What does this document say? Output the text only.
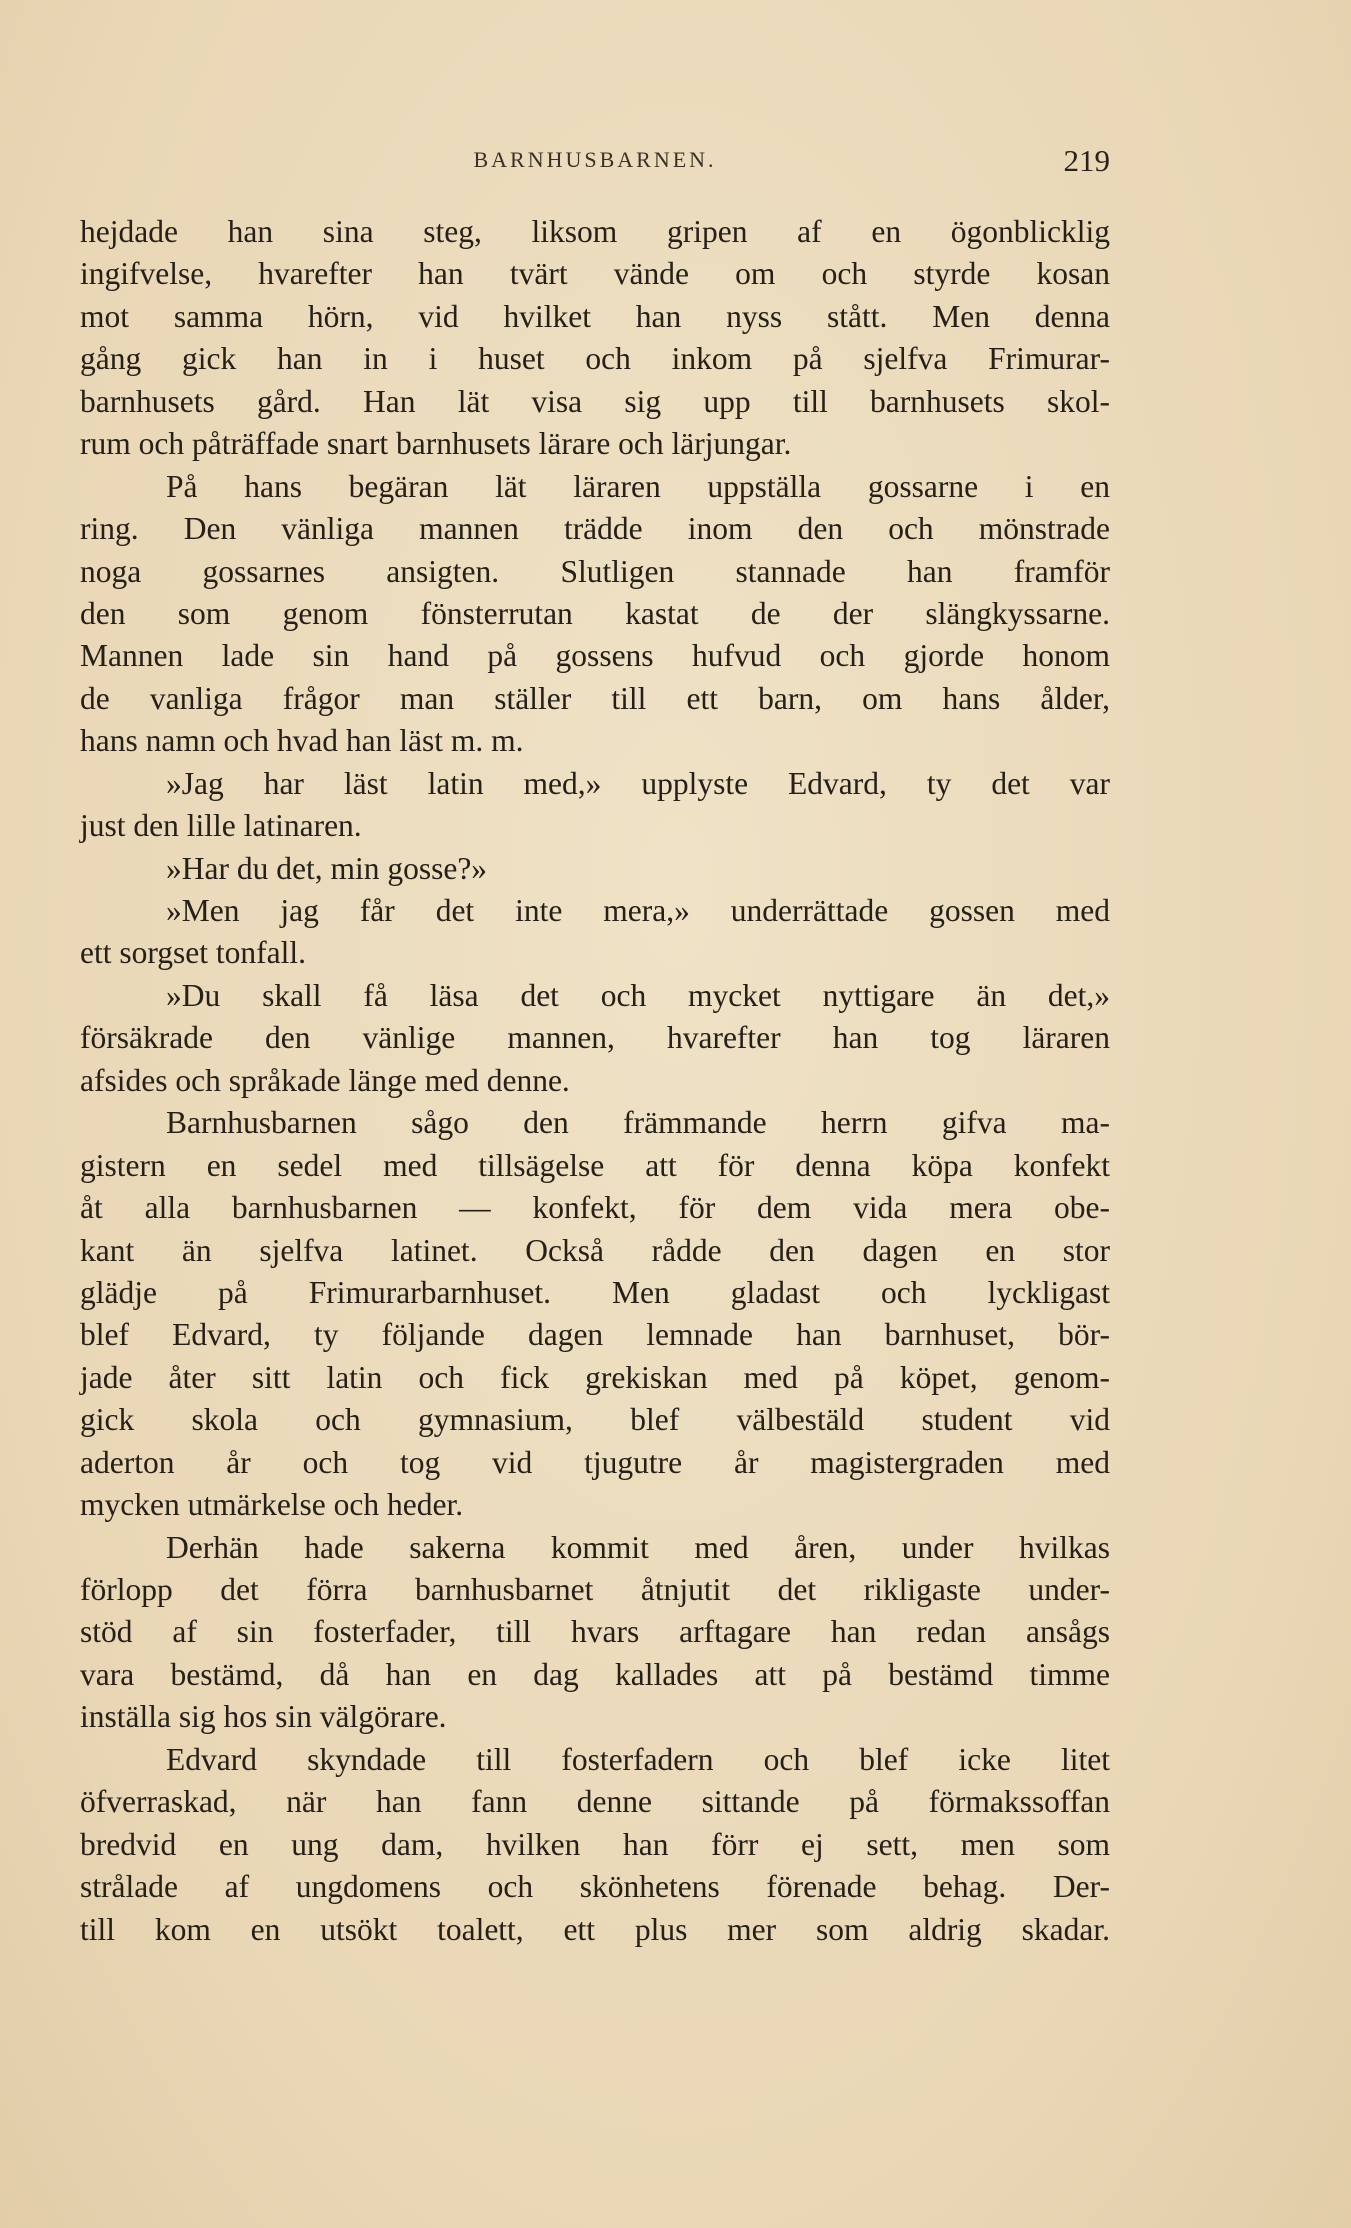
BARNHUSBARNEN.	219
hejdade han sina steg, liksom gripen af en ögonblicklig
ingifvelse, hvarefter han tvärt vände om och styrde kosan
mot samma hörn, vid hvilket han nyss stått. Men denna
gång gick han in i huset och inkom på sjelfva Frimurar-
barnhusets gård. Han lät visa sig upp till barnhusets skol-
rum och påträffade snart barnhusets lärare och lärjungar.
På hans begäran lät läraren uppställa gossarne i en
ring. Den vänliga mannen trädde inom den och mönstrade
noga gossarnes ansigten. Slutligen stannade han framför
den som genom fönsterrutan kastat de der slängkyssarne.
Mannen lade sin hand på gossens hufvud och gjorde honom
de vanliga frågor man ställer till ett barn, om hans ålder,
hans namn och hvad han läst m. m.
»Jag har läst latin med,» upplyste Edvard, ty det var
just den lille latinaren.
»Har du det, min gosse?»
»Men jag får det inte mera,» underrättade gossen med
ett sorgset tonfall.
»Du skall få läsa det och mycket nyttigare än det,»
försäkrade den vänlige mannen, hvarefter han tog läraren
afsides och språkade länge med denne.
Barnhusbarnen sågo den främmande herrn gifva ma-
gistern en sedel med tillsägelse att för denna köpa konfekt
åt alla barnhusbarnen — konfekt, för dem vida mera obe-
kant än sjelfva latinet. Också rådde den dagen en stor
glädje på Frimurarbarnhuset. Men gladast och lyckligast
blef Edvard, ty följande dagen lemnade han barnhuset, bör-
jade åter sitt latin och fick grekiskan med på köpet, genom-
gick skola och gymnasium, blef välbestäld student vid
aderton år och tog vid tjugutre år magistergraden med
mycken utmärkelse och heder.
Derhän hade sakerna kommit med åren, under hvilkas
förlopp det förra barnhusbarnet åtnjutit det rikligaste under-
stöd af sin fosterfader, till hvars arftagare han redan ansågs
vara bestämd, då han en dag kallades att på bestämd timme
inställa sig hos sin välgörare.
Edvard skyndade till fosterfadern och blef icke litet
öfverraskad, när han fann denne sittande på förmakssoffan
bredvid en ung dam, hvilken han förr ej sett, men som
strålade af ungdomens och skönhetens förenade behag. Der-
till kom en utsökt toalett, ett plus mer som aldrig skadar.
